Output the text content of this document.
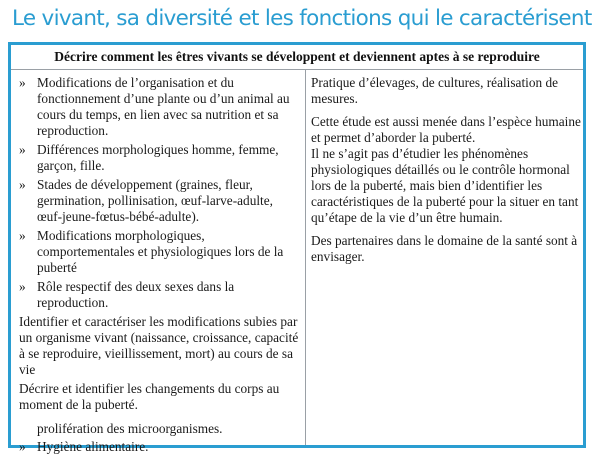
Le vivant, sa diversité et les fonctions qui le caractérisent
Décrire comment les êtres vivants se développent et deviennent aptes à se reproduire
» Modifications de l’organisation et du fonctionnement d’une plante ou d’un animal au cours du temps, en lien avec sa nutrition et sa reproduction.
» Différences morphologiques homme, femme, garçon, fille.
» Stades de développement (graines, fleur, germination, pollinisation, œuf-larve-adulte, œuf-jeune-fœtus-bébé-adulte).
» Modifications morphologiques, comportementales et physiologiques lors de la puberté
» Rôle respectif des deux sexes dans la reproduction.
Identifier et caractériser les modifications subies par un organisme vivant (naissance, croissance, capacité à se reproduire, vieillissement, mort) au cours de sa vie
Décrire et identifier les changements du corps au moment de la puberté.
prolifération des microorganismes.
» Hygiène alimentaire.
Pratique d’élevages, de cultures, réalisation de mesures.
Cette étude est aussi menée dans l’espèce humaine et permet d’aborder la puberté.
Il ne s’agit pas d’étudier les phénomènes physiologiques détaillés ou le contrôle hormonal lors de la puberté, mais bien d’identifier les caractéristiques de la puberté pour la situer en tant qu’étape de la vie d’un être humain.
Des partenaires dans le domaine de la santé sont à envisager.
